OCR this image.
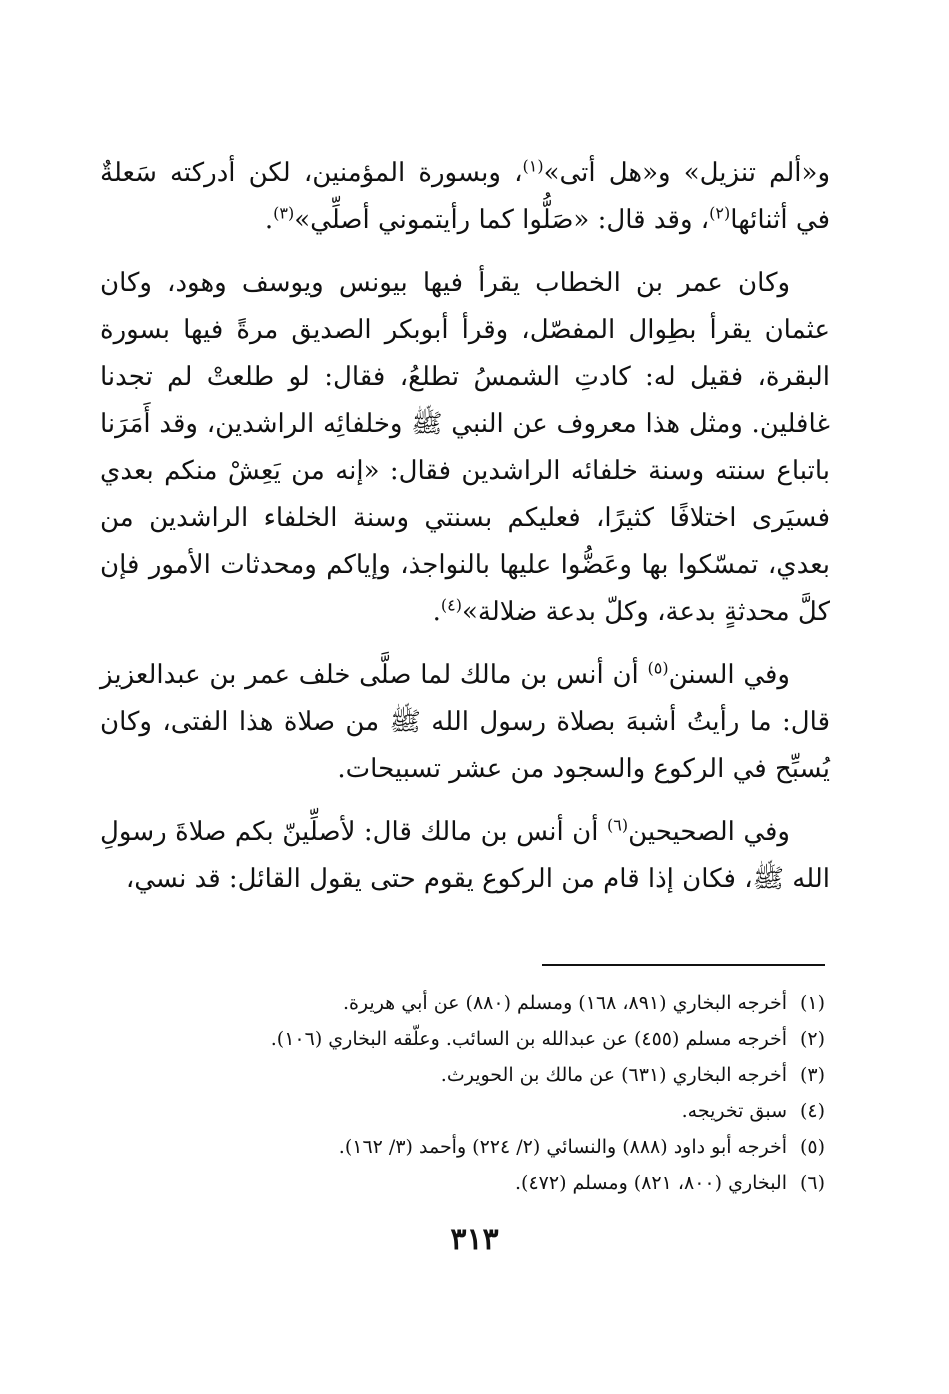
و«ألم تنزيل» و«هل أتى»$^{(١)}$، وبسورة المؤمنين، لكن أدركته سَعلةٌ في أثنائها$^{(٢)}$، وقد قال: «صَلُّوا كما رأيتموني أصلِّي»$^{(٣)}$.

وكان عمر بن الخطاب يقرأ فيها بيونس ويوسف وهود، وكان عثمان يقرأ بطِوال المفصّل، وقرأ أبوبكر الصديق مرةً فيها بسورة البقرة، فقيل له: كادتِ الشمسُ تطلعُ، فقال: لو طلعتْ لم تجدنا غافلين. ومثل هذا معروف عن النبي ﷺ وخلفائِه الراشدين، وقد أَمَرَنا باتباع سنته وسنة خلفائه الراشدين فقال: «إنه من يَعِشْ منكم بعدي فسيَرى اختلافًا كثيرًا، فعليكم بسنتي وسنة الخلفاء الراشدين من بعدي، تمسّكوا بها وعَضُّوا عليها بالنواجذ، وإياكم ومحدثات الأمور فإن كلَّ محدثةٍ بدعة، وكلّ بدعة ضلالة»$^{(٤)}$.

وفي السنن$^{(٥)}$ أن أنس بن مالك لما صلَّى خلف عمر بن عبدالعزيز قال: ما رأيتُ أشبهَ بصلاة رسول الله ﷺ من صلاة هذا الفتى، وكان يُسبِّح في الركوع والسجود من عشر تسبيحات.

وفي الصحيحين$^{(٦)}$ أن أنس بن مالك قال: لأصلِّينّ بكم صلاةَ رسولِ الله ﷺ، فكان إذا قام من الركوع يقوم حتى يقول القائل: قد نسي،

(١)أخرجه البخاري (٨٩١، ١٦٨) ومسلم (٨٨٠) عن أبي هريرة.
(٢)أخرجه مسلم (٤٥٥) عن عبدالله بن السائب. وعلّقه البخاري (١٠٦).
(٣)أخرجه البخاري (٦٣١) عن مالك بن الحويرث.
(٤)سبق تخريجه.
(٥)أخرجه أبو داود (٨٨٨) والنسائي (٢/ ٢٢٤) وأحمد (٣/ ١٦٢).
(٦)البخاري (٨٠٠، ٨٢١) ومسلم (٤٧٢).
٣١٣
